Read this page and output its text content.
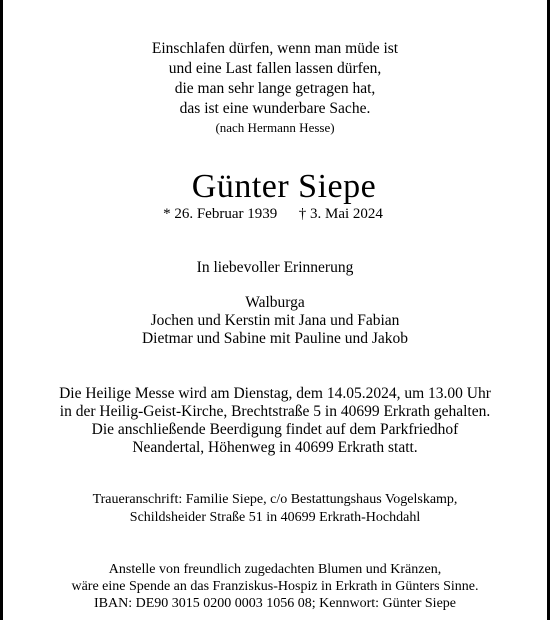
Einschlafen dürfen, wenn man müde ist

und eine Last fallen lassen dürfen,

die man sehr lange getragen hat,

das ist eine wunderbare Sache.

(nach Hermann Hesse)

Günter Siepe

* 26. Februar 1939 † 3. Mai 2024

In liebevoller Erinnerung

Walburga

Jochen und Kerstin mit Jana und Fabian

Dietmar und Sabine mit Pauline und Jakob

Die Heilige Messe wird am Dienstag, dem 14.05.2024, um 13.00 Uhr

in der Heilig-Geist-Kirche, Brechtstraße 5 in 40699 Erkrath gehalten.

Die anschließende Beerdigung findet auf dem Parkfriedhof

Neandertal, Höhenweg in 40699 Erkrath statt.

Traueranschrift: Familie Siepe, c/o Bestattungshaus Vogelskamp,

Schildsheider Straße 51 in 40699 Erkrath-Hochdahl

Anstelle von freundlich zugedachten Blumen und Kränzen,

wäre eine Spende an das Franziskus-Hospiz in Erkrath in Günters Sinne.

IBAN: DE90 3015 0200 0003 1056 08; Kennwort: Günter Siepe
